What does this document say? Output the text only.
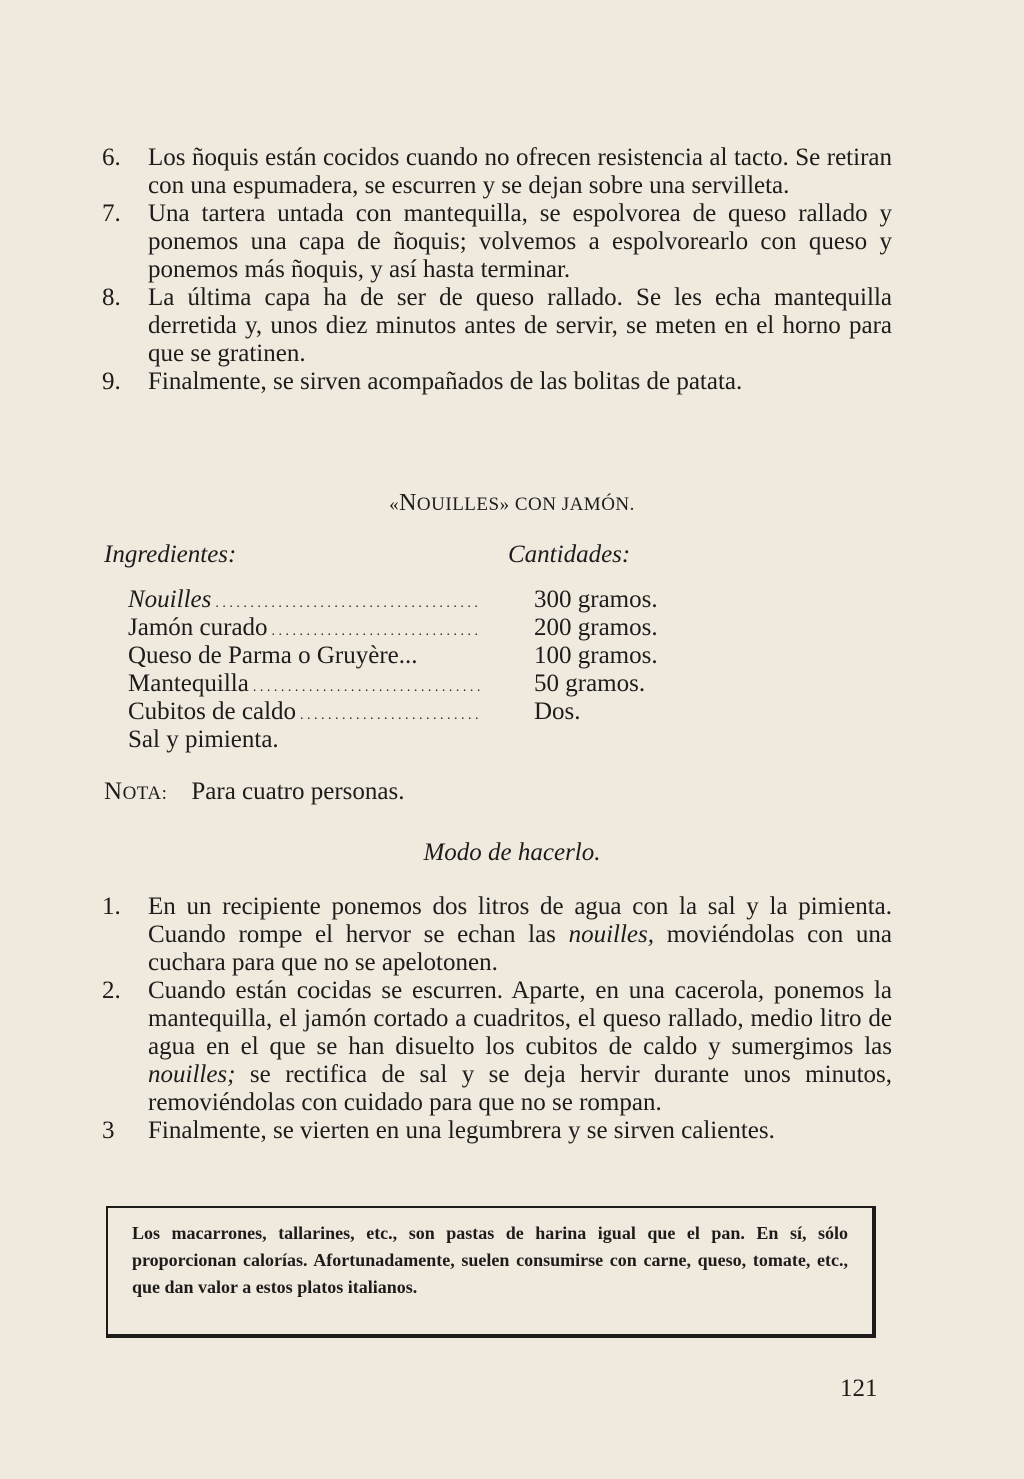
6. Los ñoquis están cocidos cuando no ofrecen resistencia al tacto. Se retiran con una espumadera, se escurren y se dejan sobre una servilleta.
7. Una tartera untada con mantequilla, se espolvorea de queso rallado y ponemos una capa de ñoquis; volvemos a espolvorearlo con queso y ponemos más ñoquis, y así hasta terminar.
8. La última capa ha de ser de queso rallado. Se les echa mantequilla derretida y, unos diez minutos antes de servir, se meten en el horno para que se gratinen.
9. Finalmente, se sirven acompañados de las bolitas de patata.
«NOUILLES» CON JAMÓN.
Ingredientes:	Cantidades:
Nouilles
. . .
Jamón curado
. . .
Queso de Parma o Gruyère...
Mantequilla
. . .
Cubitos de caldo
. . .
Sal y pimienta.
300 gramos.
200 gramos.
100 gramos.
50 gramos.
Dos.
NOTA: Para cuatro personas.
Modo de hacerlo.
1. En un recipiente ponemos dos litros de agua con la sal y la pimienta. Cuando rompe el hervor se echan las nouilles, moviéndolas con una cuchara para que no se apelotonen.
2. Cuando están cocidas se escurren. Aparte, en una cacerola, ponemos la mantequilla, el jamón cortado a cuadritos, el queso rallado, medio litro de agua en el que se han disuelto los cubitos de caldo y sumergimos las nouilles; se rectifica de sal y se deja hervir durante unos minutos, removiéndolas con cuidado para que no se rompan.
3 Finalmente, se vierten en una legumbrera y se sirven calientes.

Los macarrones, tallarines, etc., son pastas de harina igual que el pan. En sí, sólo proporcionan calorías. Afortunadamente, suelen consumirse con carne, queso, tomate, etc., que dan valor a estos platos italianos.

121
